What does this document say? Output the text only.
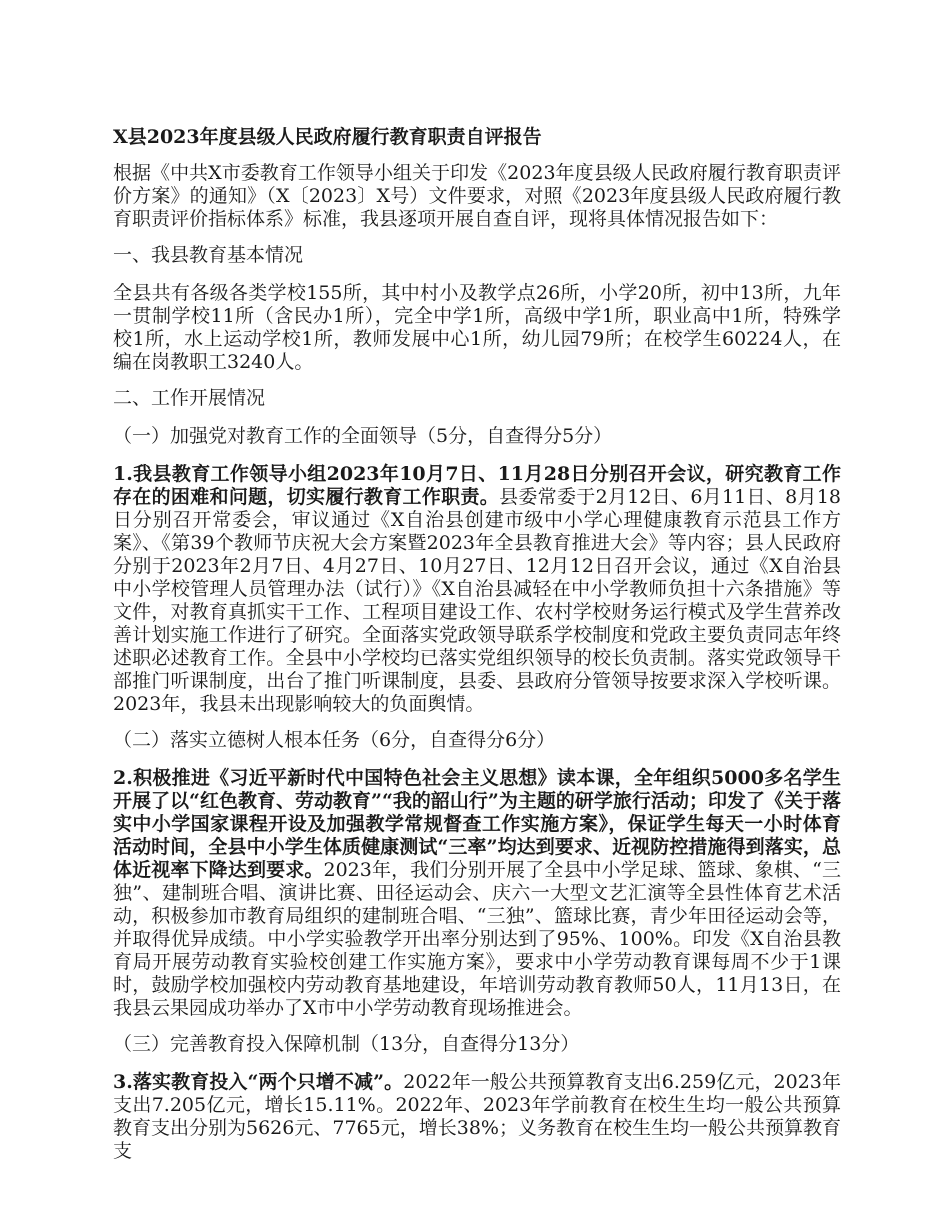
X县2023年度县级人民政府履行教育职责自评报告

根据《中共X市委教育工作领导小组关于印发《2023年度县级人民政府履行教育职责评价方案》的通知》（X〔2023〕X号）文件要求，对照《2023年度县级人民政府履行教育职责评价指标体系》标准，我县逐项开展自查自评，现将具体情况报告如下：

一、我县教育基本情况

全县共有各级各类学校155所，其中村小及教学点26所，小学20所，初中13所，九年一贯制学校11所（含民办1所），完全中学1所，高级中学1所，职业高中1所，特殊学校1所，水上运动学校1所，教师发展中心1所，幼儿园79所；在校学生60224人，在编在岗教职工3240人。

二、工作开展情况

（一）加强党对教育工作的全面领导（5分，自查得分5分）

1.我县教育工作领导小组2023年10月7日、11月28日分别召开会议，研究教育工作存在的困难和问题，切实履行教育工作职责。县委常委于2月12日、6月11日、8月18日分别召开常委会，审议通过《X自治县创建市级中小学心理健康教育示范县工作方案》、《第39个教师节庆祝大会方案暨2023年全县教育推进大会》等内容；县人民政府分别于2023年2月7日、4月27日、10月27日、12月12日召开会议，通过《X自治县中小学校管理人员管理办法（试行）》《X自治县减轻在中小学教师负担十六条措施》等文件，对教育真抓实干工作、工程项目建设工作、农村学校财务运行模式及学生营养改善计划实施工作进行了研究。全面落实党政领导联系学校制度和党政主要负责同志年终述职必述教育工作。全县中小学校均已落实党组织领导的校长负责制。落实党政领导干部推门听课制度，出台了推门听课制度，县委、县政府分管领导按要求深入学校听课。2023年，我县未出现影响较大的负面舆情。

（二）落实立德树人根本任务（6分，自查得分6分）

2.积极推进《习近平新时代中国特色社会主义思想》读本课，全年组织5000多名学生开展了以“红色教育、劳动教育”“我的韶山行”为主题的研学旅行活动；印发了《关于落实中小学国家课程开设及加强教学常规督查工作实施方案》，保证学生每天一小时体育活动时间，全县中小学生体质健康测试“三率”均达到要求、近视防控措施得到落实，总体近视率下降达到要求。2023年，我们分别开展了全县中小学足球、篮球、象棋、“三独”、建制班合唱、演讲比赛、田径运动会、庆六一大型文艺汇演等全县性体育艺术活动，积极参加市教育局组织的建制班合唱、“三独”、篮球比赛，青少年田径运动会等，并取得优异成绩。中小学实验教学开出率分别达到了95%、100%。印发《X自治县教育局开展劳动教育实验校创建工作实施方案》，要求中小学劳动教育课每周不少于1课时，鼓励学校加强校内劳动教育基地建设，年培训劳动教育教师50人，11月13日，在我县云果园成功举办了X市中小学劳动教育现场推进会。

（三）完善教育投入保障机制（13分，自查得分13分）

3.落实教育投入“两个只增不减”。2022年一般公共预算教育支出6.259亿元，2023年支出7.205亿元，增长15.11%。2022年、2023年学前教育在校生生均一般公共预算教育支出分别为5626元、7765元，增长38%；义务教育在校生生均一般公共预算教育支
